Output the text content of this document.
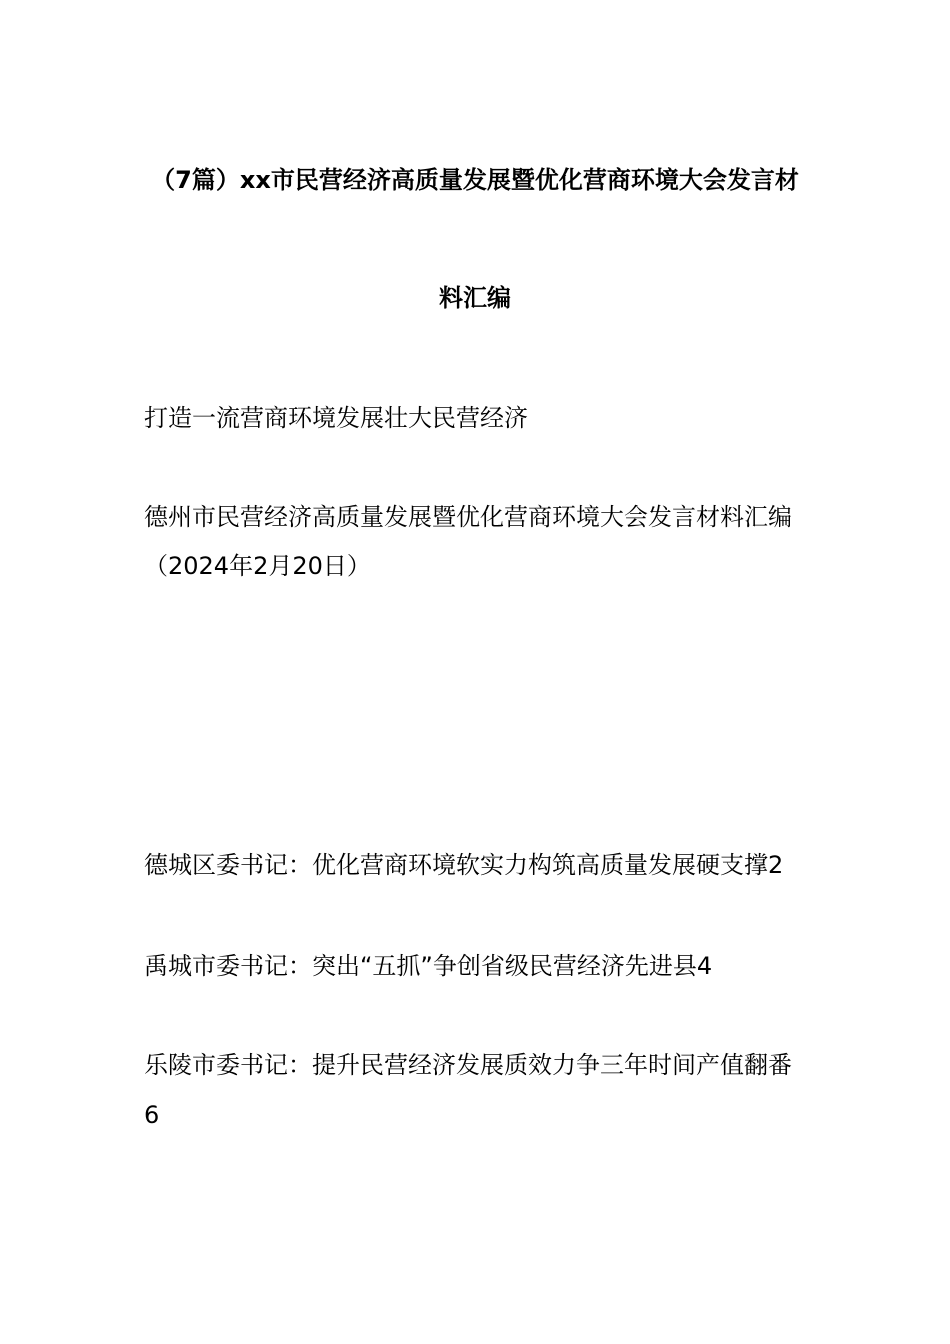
（7篇）xx市民营经济高质量发展暨优化营商环境大会发言材
料汇编
打造一流营商环境发展壮大民营经济
德州市民营经济高质量发展暨优化营商环境大会发言材料汇编
（2024年2月20日）
德城区委书记：优化营商环境软实力构筑高质量发展硬支撑2
禹城市委书记：突出“五抓”争创省级民营经济先进县4
乐陵市委书记：提升民营经济发展质效力争三年时间产值翻番
6
